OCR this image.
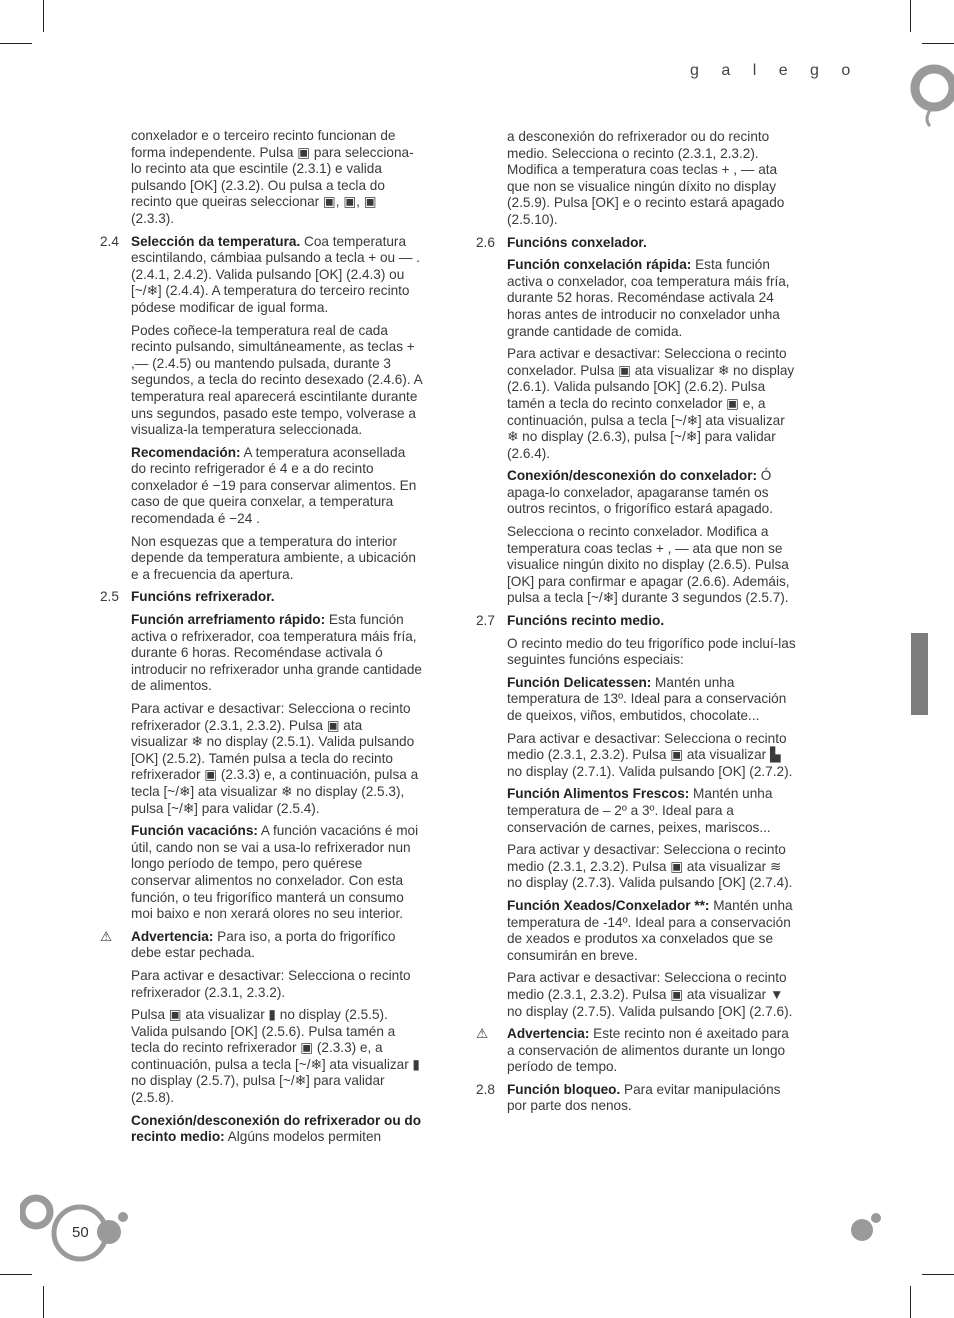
g a l e g o
50
conxelador e o terceiro recinto funcionan de forma independente. Pulsa ▣ para selecciona-lo recinto ata que escintile (2.3.1) e valida pulsando [OK] (2.3.2). Ou pulsa a tecla do recinto que queiras seleccionar ▣, ▣, ▣ (2.3.3).
2.4 Selección da temperatura. Coa temperatura escintilando, cámbiaa pulsando a tecla + ou — . (2.4.1, 2.4.2). Valida pulsando [OK] (2.4.3) ou [~/❄] (2.4.4). A temperatura do terceiro recinto pódese modificar de igual forma.
Podes coñece-la temperatura real de cada recinto pulsando, simultáneamente, as teclas + ,— (2.4.5) ou mantendo pulsada, durante 3 segundos, a tecla do recinto desexado (2.4.6). A temperatura real aparecerá escintilante durante uns segundos, pasado este tempo, volverase a visualiza-la temperatura seleccionada.
Recomendación: A temperatura aconsellada do recinto refrigerador é 4 e a do recinto conxelador é −19 para conservar alimentos. En caso de que queira conxelar, a temperatura recomendada é −24 .
Non esquezas que a temperatura do interior depende da temperatura ambiente, a ubicación e a frecuencia da apertura.
2.5 Funcións refrixerador.
Función arrefriamento rápido: Esta función activa o refrixerador, coa temperatura máis fría, durante 6 horas. Recoméndase activala ó introducir no refrixerador unha grande cantidade de alimentos.
Para activar e desactivar: Selecciona o recinto refrixerador (2.3.1, 2.3.2). Pulsa ▣ ata visualizar ❄ no display (2.5.1). Valida pulsando [OK] (2.5.2). Tamén pulsa a tecla do recinto refrixerador ▣ (2.3.3) e, a continuación, pulsa a tecla [~/❄] ata visualizar ❄ no display (2.5.3), pulsa [~/❄] para validar (2.5.4).
Función vacacións: A función vacacións é moi útil, cando non se vai a usa-lo refrixerador nun longo período de tempo, pero quérese conservar alimentos no conxelador. Con esta función, o teu frigorífico manterá un consumo moi baixo e non xerará olores no seu interior.
⚠ Advertencia: Para iso, a porta do frigorífico debe estar pechada.
Para activar e desactivar: Selecciona o recinto refrixerador (2.3.1, 2.3.2).
Pulsa ▣ ata visualizar ▮ no display (2.5.5). Valida pulsando [OK] (2.5.6). Pulsa tamén a tecla do recinto refrixerador ▣ (2.3.3) e, a continuación, pulsa a tecla [~/❄] ata visualizar ▮ no display (2.5.7), pulsa [~/❄] para validar (2.5.8).
Conexión/desconexión do refrixerador ou do recinto medio: Algúns modelos permiten
a desconexión do refrixerador ou do recinto medio. Selecciona o recinto (2.3.1, 2.3.2). Modifica a temperatura coas teclas + , — ata que non se visualice ningún díxito no display (2.5.9). Pulsa [OK] e o recinto estará apagado (2.5.10).
2.6 Funcións conxelador.
Función conxelación rápida: Esta función activa o conxelador, coa temperatura máis fría, durante 52 horas. Recoméndase activala 24 horas antes de introducir no conxelador unha grande cantidade de comida.
Para activar e desactivar: Selecciona o recinto conxelador. Pulsa ▣ ata visualizar ❄ no display (2.6.1). Valida pulsando [OK] (2.6.2). Pulsa tamén a tecla do recinto conxelador ▣ e, a continuación, pulsa a tecla [~/❄] ata visualizar ❄ no display (2.6.3), pulsa [~/❄] para validar (2.6.4).
Conexión/desconexión do conxelador: Ó apaga-lo conxelador, apagaranse tamén os outros recintos, o frigorífico estará apagado.
Selecciona o recinto conxelador. Modifica a temperatura coas teclas + , — ata que non se visualice ningún dixito no display (2.6.5). Pulsa [OK] para confirmar e apagar (2.6.6). Ademáis, pulsa a tecla [~/❄] durante 3 segundos (2.5.7).
2.7 Funcións recinto medio.
O recinto medio do teu frigorífico pode incluí-las seguintes funcións especiais:
Función Delicatessen: Mantén unha temperatura de 13º. Ideal para a conservación de queixos, viños, embutidos, chocolate...
Para activar e desactivar: Selecciona o recinto medio (2.3.1, 2.3.2). Pulsa ▣ ata visualizar ▙ no display (2.7.1). Valida pulsando [OK] (2.7.2).
Función Alimentos Frescos: Mantén unha temperatura de – 2º a 3º. Ideal para a conservación de carnes, peixes, mariscos...
Para activar y desactivar: Selecciona o recinto medio (2.3.1, 2.3.2). Pulsa ▣ ata visualizar ≋ no display (2.7.3). Valida pulsando [OK] (2.7.4).
Función Xeados/Conxelador **: Mantén unha temperatura de -14º. Ideal para a conservación de xeados e produtos xa conxelados que se consumirán en breve.
Para activar e desactivar: Selecciona o recinto medio (2.3.1, 2.3.2). Pulsa ▣ ata visualizar ▼ no display (2.7.5). Valida pulsando [OK] (2.7.6).
⚠ Advertencia: Este recinto non é axeitado para a conservación de alimentos durante un longo período de tempo.
2.8 Función bloqueo. Para evitar manipulacións por parte dos nenos.
